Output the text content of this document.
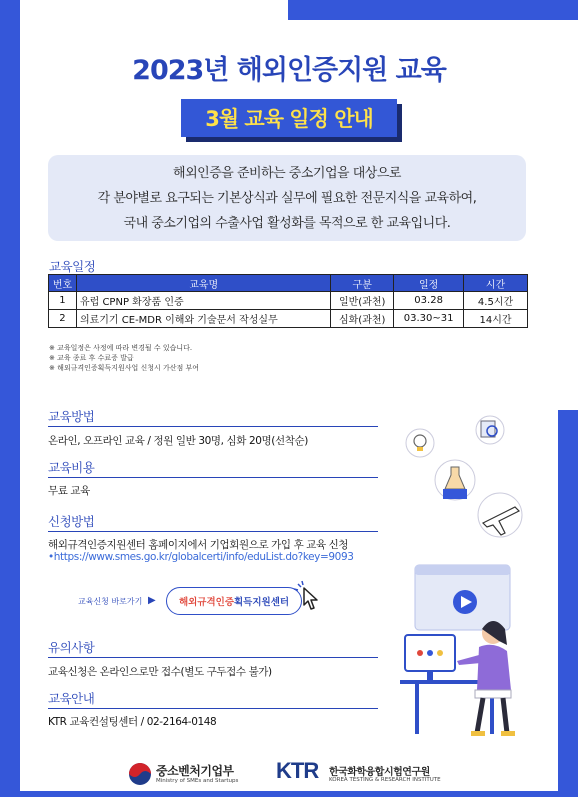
2023년 해외인증지원 교육
3월 교육 일정 안내
해외인증을 준비하는 중소기업을 대상으로
각 분야별로 요구되는 기본상식과 실무에 필요한 전문지식을 교육하여,
국내 중소기업의 수출사업 활성화를 목적으로 한 교육입니다.
교육일정
번호	교육명	구분	일정	시간
1	유럽 CPNP 화장품 인증	일반(과천)	03.28	4.5시간
2	의료기기 CE-MDR 이해와 기술문서 작성실무	심화(과천)	03.30~31	14시간
※ 교육일정은 사정에 따라 변경될 수 있습니다.
※ 교육 종료 후 수료증 발급
※ 해외규격인증획득지원사업 신청시 가산점 부여
교육방법
온라인, 오프라인 교육 / 정원 일반 30명, 심화 20명(선착순)
교육비용
무료 교육
신청방법
해외규격인증지원센터 홈페이지에서 기업회원으로 가입 후 교육 신청
•https://www.smes.go.kr/globalcerti/info/eduList.do?key=9093
교육신청 바로가기 ▶ 해외규격인증 획득지원센터
유의사항
교육신청은 온라인으로만 접수(별도 구두접수 불가)
교육안내
KTR 교육컨설팅센터 / 02-2164-0148
중소벤처기업부
Ministry of SMEs and Startups KTR 한국화학융합시험연구원
KOREA TESTING & RESEARCH INSTITUTE
